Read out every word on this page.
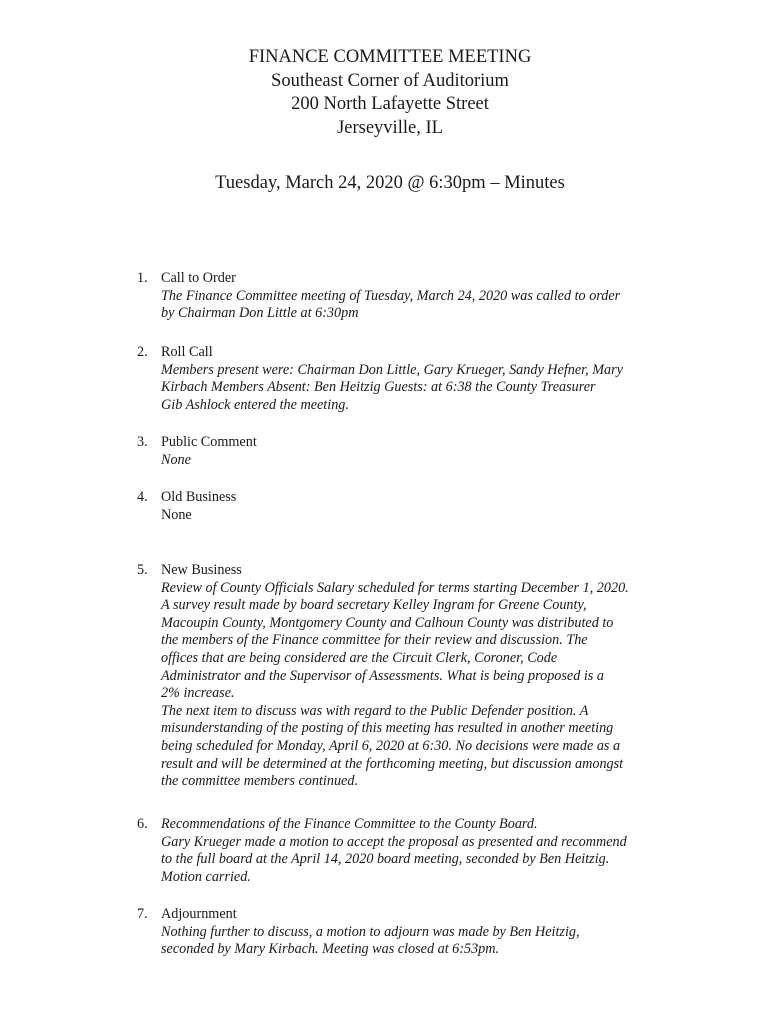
FINANCE COMMITTEE MEETING
Southeast Corner of Auditorium
200 North Lafayette Street
Jerseyville, IL
Tuesday, March 24, 2020 @ 6:30pm – Minutes
1. Call to Order

The Finance Committee meeting of Tuesday, March 24, 2020 was called to order

by Chairman Don Little at 6:30pm

2. Roll Call

Members present were: Chairman Don Little, Gary Krueger, Sandy Hefner, Mary

Kirbach Members Absent: Ben Heitzig Guests: at 6:38 the County Treasurer

Gib Ashlock entered the meeting.

3. Public Comment

None

4. Old Business

None

5. New Business

Review of County Officials Salary scheduled for terms starting December 1, 2020.

A survey result made by board secretary Kelley Ingram for Greene County,

Macoupin County, Montgomery County and Calhoun County was distributed to

the members of the Finance committee for their review and discussion. The

offices that are being considered are the Circuit Clerk, Coroner, Code

Administrator and the Supervisor of Assessments. What is being proposed is a

2% increase.

The next item to discuss was with regard to the Public Defender position. A

misunderstanding of the posting of this meeting has resulted in another meeting

being scheduled for Monday, April 6, 2020 at 6:30. No decisions were made as a

result and will be determined at the forthcoming meeting, but discussion amongst

the committee members continued.

6. Recommendations of the Finance Committee to the County Board.

Gary Krueger made a motion to accept the proposal as presented and recommend

to the full board at the April 14, 2020 board meeting, seconded by Ben Heitzig.

Motion carried.

7. Adjournment

Nothing further to discuss, a motion to adjourn was made by Ben Heitzig,

seconded by Mary Kirbach. Meeting was closed at 6:53pm.
